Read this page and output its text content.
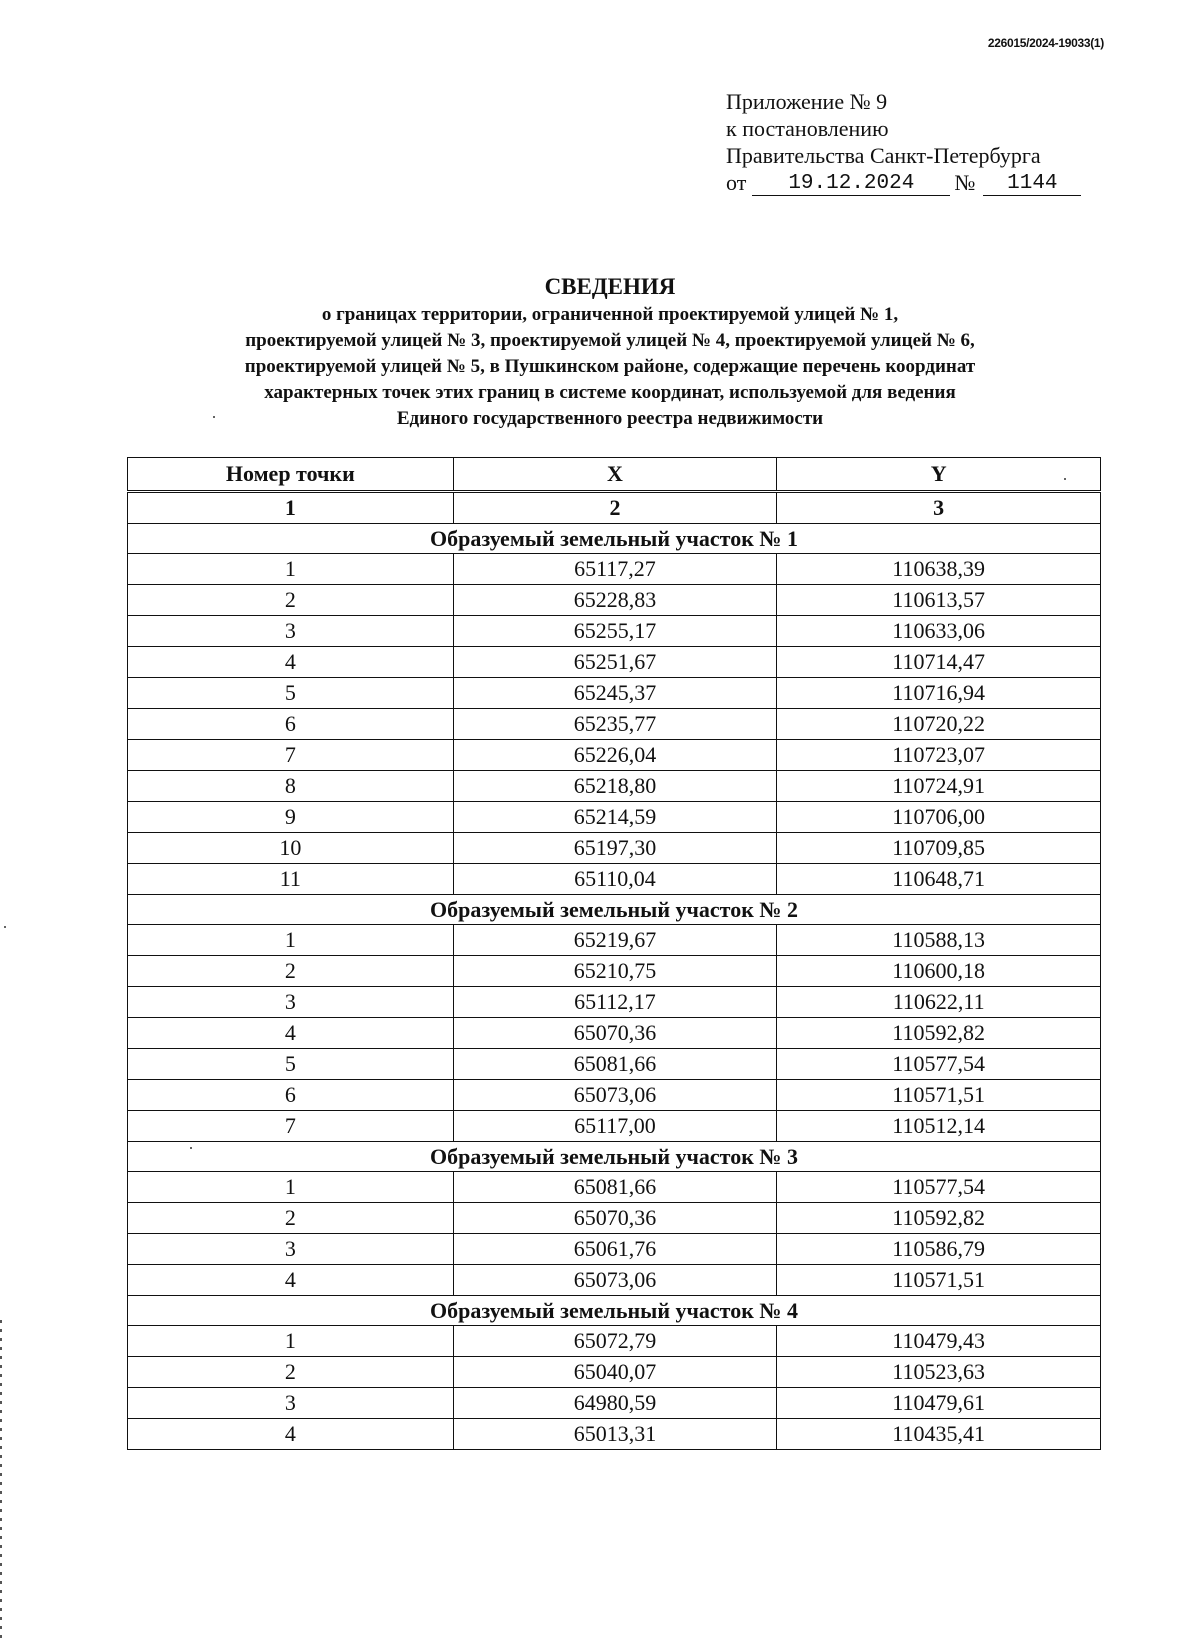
226015/2024-19033(1)
Приложение № 9
к постановлению
Правительства Санкт-Петербурга
от	19.12.2024	№	1144
СВЕДЕНИЯ
о границах территории, ограниченной проектируемой улицей № 1,
проектируемой улицей № 3, проектируемой улицей № 4, проектируемой улицей № 6,
проектируемой улицей № 5, в Пушкинском районе, содержащие перечень координат
характерных точек этих границ в системе координат, используемой для ведения
Единого государственного реестра недвижимости
Номер точки	X	Y
1	2	3
Образуемый земельный участок № 1		
1	65117,27	110638,39
2	65228,83	110613,57
3	65255,17	110633,06
4	65251,67	110714,47
5	65245,37	110716,94
6	65235,77	110720,22
7	65226,04	110723,07
8	65218,80	110724,91
9	65214,59	110706,00
10	65197,30	110709,85
11	65110,04	110648,71
Образуемый земельный участок № 2		
1	65219,67	110588,13
2	65210,75	110600,18
3	65112,17	110622,11
4	65070,36	110592,82
5	65081,66	110577,54
6	65073,06	110571,51
7	65117,00	110512,14
Образуемый земельный участок № 3		
1	65081,66	110577,54
2	65070,36	110592,82
3	65061,76	110586,79
4	65073,06	110571,51
Образуемый земельный участок № 4		
1	65072,79	110479,43
2	65040,07	110523,63
3	64980,59	110479,61
4	65013,31	110435,41
